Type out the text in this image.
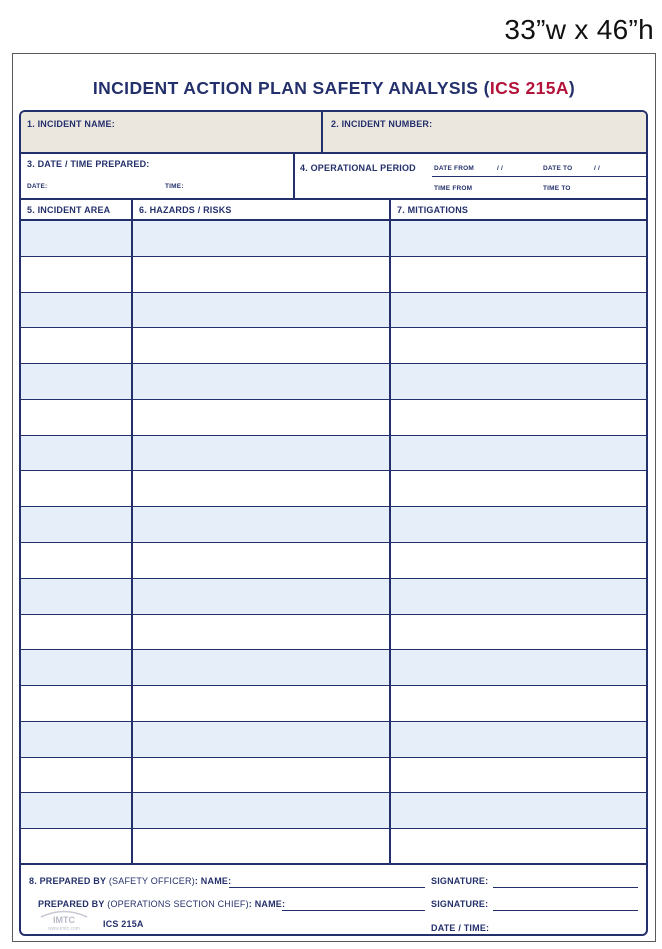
33”w x 46”h
INCIDENT ACTION PLAN SAFETY ANALYSIS (ICS 215A)
1. INCIDENT NAME:	2. INCIDENT NUMBER:
3. DATE / TIME PREPARED:
DATE:	TIME:
4. OPERATIONAL PERIOD	DATE FROM	/ /	DATE TO	/ /
TIME FROM	TIME TO
5. INCIDENT AREA	6. HAZARDS / RISKS	7. MITIGATIONS
8. PREPARED BY (SAFETY OFFICER): NAME:	SIGNATURE:
PREPARED BY (OPERATIONS SECTION CHIEF): NAME:	SIGNATURE:
IMTC
www.imtc.com	ICS 215A	DATE / TIME:
